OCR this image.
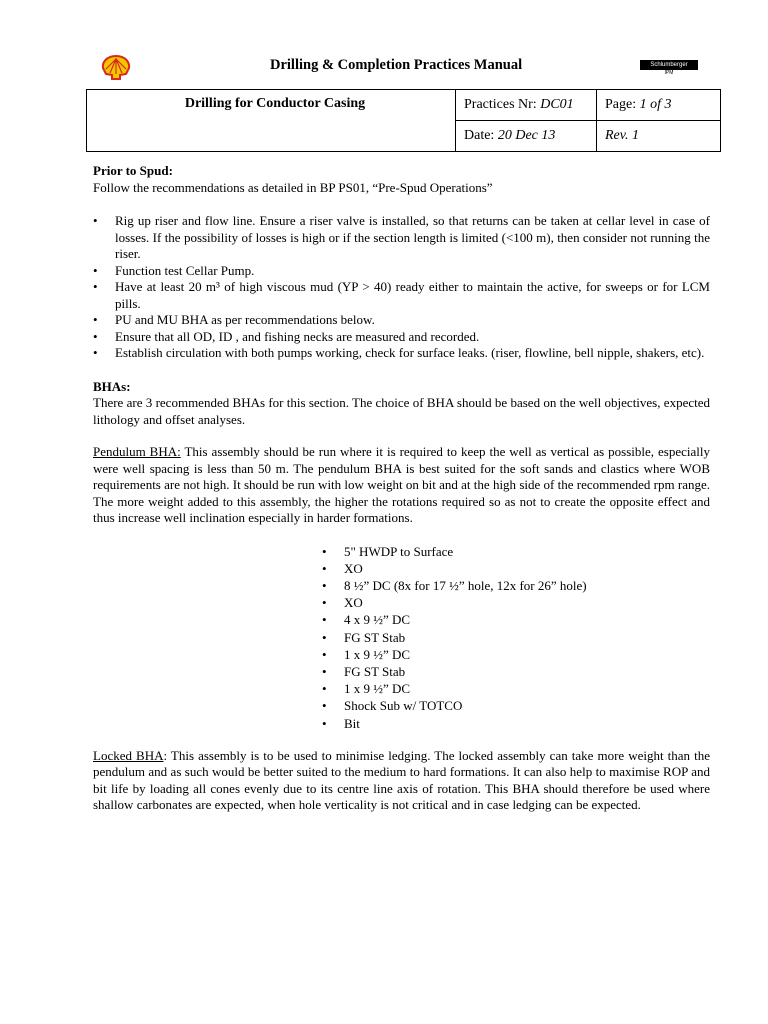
Drilling & Completion Practices Manual	Schlumberger
IPM
Drilling for Conductor Casing	Practices Nr: DC01	Page: 1 of 3
	Date: 20 Dec 13	Rev. 1

Prior to Spud:

Follow the recommendations as detailed in BP PS01, “Pre-Spud Operations”

• Rig up riser and flow line. Ensure a riser valve is installed, so that returns can be taken at cellar level in case of losses. If the possibility of losses is high or if the section length is limited (<100 m), then consider not running the riser.
• Function test Cellar Pump.
• Have at least 20 m³ of high viscous mud (YP > 40) ready either to maintain the active, for sweeps or for LCM pills.
• PU and MU BHA as per recommendations below.
• Ensure that all OD, ID , and fishing necks are measured and recorded.
• Establish circulation with both pumps working, check for surface leaks. (riser, flowline, bell nipple, shakers, etc).

BHAs:

There are 3 recommended BHAs for this section. The choice of BHA should be based on the well objectives, expected lithology and offset analyses.

Pendulum BHA: This assembly should be run where it is required to keep the well as vertical as possible, especially were well spacing is less than 50 m. The pendulum BHA is best suited for the soft sands and clastics where WOB requirements are not high. It should be run with low weight on bit and at the high side of the recommended rpm range. The more weight added to this assembly, the higher the rotations required so as not to create the opposite effect and thus increase well inclination especially in harder formations.

• 5" HWDP to Surface
• XO
• 8 ½” DC (8x for 17 ½” hole, 12x for 26” hole)
• XO
• 4 x 9 ½” DC
• FG ST Stab
• 1 x 9 ½” DC
• FG ST Stab
• 1 x 9 ½” DC
• Shock Sub w/ TOTCO
• Bit

Locked BHA: This assembly is to be used to minimise ledging. The locked assembly can take more weight than the pendulum and as such would be better suited to the medium to hard formations. It can also help to maximise ROP and bit life by loading all cones evenly due to its centre line axis of rotation. This BHA should therefore be used where shallow carbonates are expected, when hole verticality is not critical and in case ledging can be expected.
